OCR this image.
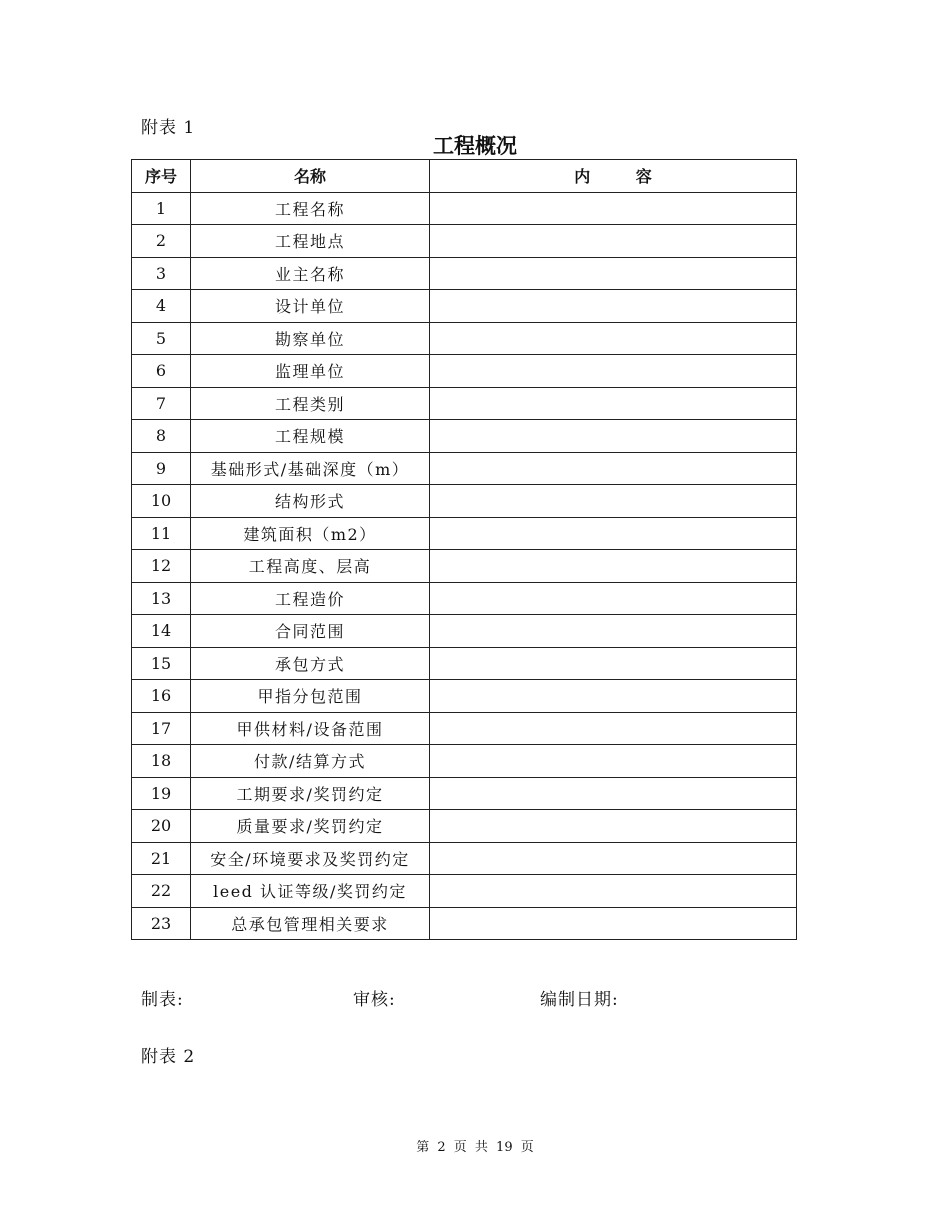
附表 1
工程概况
序号	名称	内 容
1	工程名称	
2	工程地点	
3	业主名称	
4	设计单位	
5	勘察单位	
6	监理单位	
7	工程类别	
8	工程规模	
9	基础形式/基础深度（m）	
10	结构形式	
11	建筑面积（m2）	
12	工程高度、层高	
13	工程造价	
14	合同范围	
15	承包方式	
16	甲指分包范围	
17	甲供材料/设备范围	
18	付款/结算方式	
19	工期要求/奖罚约定	
20	质量要求/奖罚约定	
21	安全/环境要求及奖罚约定	
22	leed 认证等级/奖罚约定	
23	总承包管理相关要求	
制表:	审核:	编制日期:
附表 2
第 2 页 共 19 页
